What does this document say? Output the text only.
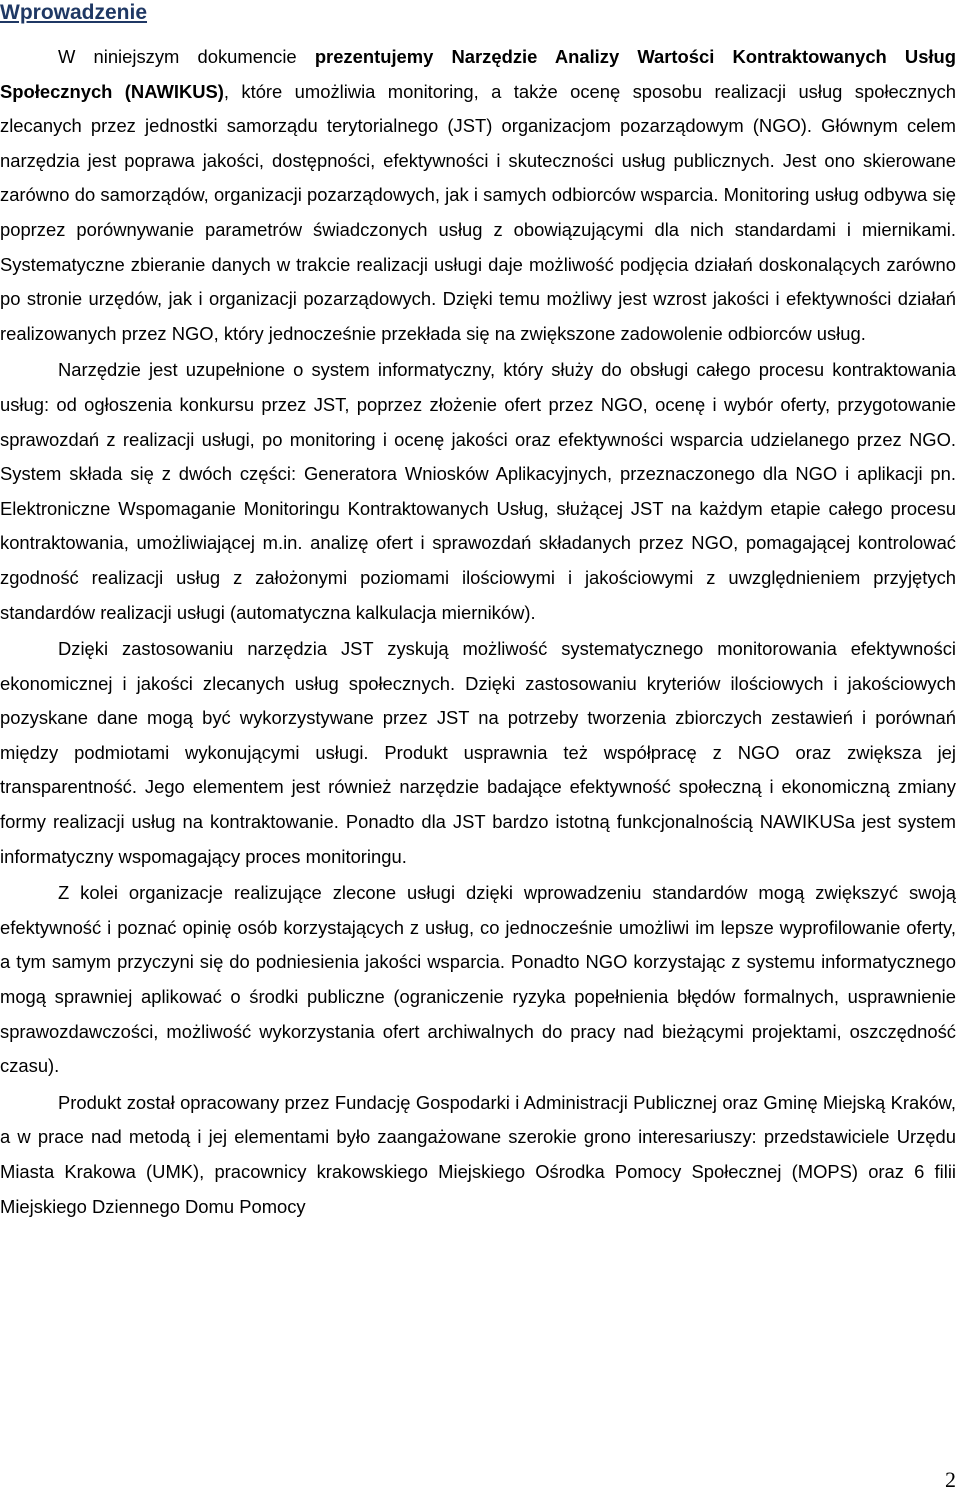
Wprowadzenie

W niniejszym dokumencie prezentujemy Narzędzie Analizy Wartości Kontraktowanych Usług Społecznych (NAWIKUS), które umożliwia monitoring, a także ocenę sposobu realizacji usług społecznych zlecanych przez jednostki samorządu terytorialnego (JST) organizacjom pozarządowym (NGO). Głównym celem narzędzia jest poprawa jakości, dostępności, efektywności i skuteczności usług publicznych. Jest ono skierowane zarówno do samorządów, organizacji pozarządowych, jak i samych odbiorców wsparcia. Monitoring usług odbywa się poprzez porównywanie parametrów świadczonych usług z obowiązującymi dla nich standardami i miernikami. Systematyczne zbieranie danych w trakcie realizacji usługi daje możliwość podjęcia działań doskonalących zarówno po stronie urzędów, jak i organizacji pozarządowych. Dzięki temu możliwy jest wzrost jakości i efektywności działań realizowanych przez NGO, który jednocześnie przekłada się na zwiększone zadowolenie odbiorców usług.

Narzędzie jest uzupełnione o system informatyczny, który służy do obsługi całego procesu kontraktowania usług: od ogłoszenia konkursu przez JST, poprzez złożenie ofert przez NGO, ocenę i wybór oferty, przygotowanie sprawozdań z realizacji usługi, po monitoring i ocenę jakości oraz efektywności wsparcia udzielanego przez NGO. System składa się z dwóch części: Generatora Wniosków Aplikacyjnych, przeznaczonego dla NGO i aplikacji pn. Elektroniczne Wspomaganie Monitoringu Kontraktowanych Usług, służącej JST na każdym etapie całego procesu kontraktowania, umożliwiającej m.in. analizę ofert i sprawozdań składanych przez NGO, pomagającej kontrolować zgodność realizacji usług z założonymi poziomami ilościowymi i jakościowymi z uwzględnieniem przyjętych standardów realizacji usługi (automatyczna kalkulacja mierników).

Dzięki zastosowaniu narzędzia JST zyskują możliwość systematycznego monitorowania efektywności ekonomicznej i jakości zlecanych usług społecznych. Dzięki zastosowaniu kryteriów ilościowych i jakościowych pozyskane dane mogą być wykorzystywane przez JST na potrzeby tworzenia zbiorczych zestawień i porównań między podmiotami wykonującymi usługi. Produkt usprawnia też współpracę z NGO oraz zwiększa jej transparentność. Jego elementem jest również narzędzie badające efektywność społeczną i ekonomiczną zmiany formy realizacji usług na kontraktowanie. Ponadto dla JST bardzo istotną funkcjonalnością NAWIKUSa jest system informatyczny wspomagający proces monitoringu.

Z kolei organizacje realizujące zlecone usługi dzięki wprowadzeniu standardów mogą zwiększyć swoją efektywność i poznać opinię osób korzystających z usług, co jednocześnie umożliwi im lepsze wyprofilowanie oferty, a tym samym przyczyni się do podniesienia jakości wsparcia. Ponadto NGO korzystając z systemu informatycznego mogą sprawniej aplikować o środki publiczne (ograniczenie ryzyka popełnienia błędów formalnych, usprawnienie sprawozdawczości, możliwość wykorzystania ofert archiwalnych do pracy nad bieżącymi projektami, oszczędność czasu).

Produkt został opracowany przez Fundację Gospodarki i Administracji Publicznej oraz Gminę Miejską Kraków, a w prace nad metodą i jej elementami było zaangażowane szerokie grono interesariuszy: przedstawiciele Urzędu Miasta Krakowa (UMK), pracownicy krakowskiego Miejskiego Ośrodka Pomocy Społecznej (MOPS) oraz 6 filii Miejskiego Dziennego Domu Pomocy

2
